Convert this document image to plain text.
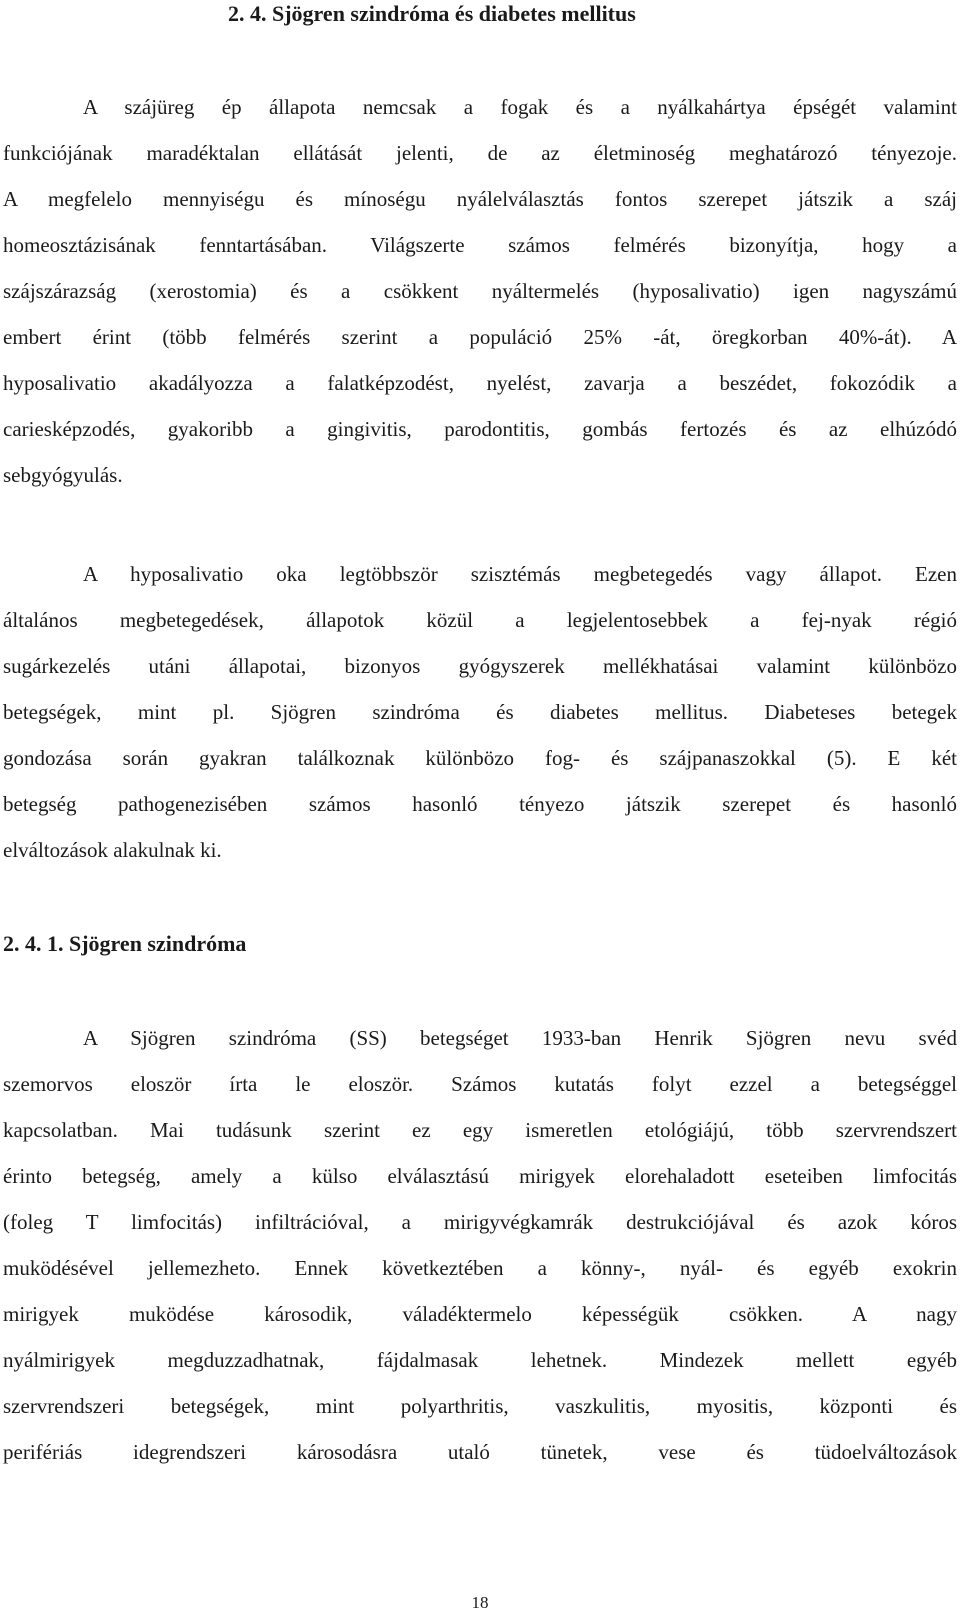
2. 4. Sjögren szindróma és diabetes mellitus
A szájüreg ép állapota nemcsak a fogak és a nyálkahártya épségét valamint
funkciójának maradéktalan ellátását jelenti, de az életminoség meghatározó tényezoje.
A megfelelo mennyiségu és mínoségu nyálelválasztás fontos szerepet játszik a száj
homeosztázisának fenntartásában. Világszerte számos felmérés bizonyítja, hogy a
szájszárazság (xerostomia) és a csökkent nyáltermelés (hyposalivatio) igen nagyszámú
embert érint (több felmérés szerint a populáció 25% -át, öregkorban 40%-át). A
hyposalivatio akadályozza a falatképzodést, nyelést, zavarja a beszédet, fokozódik a
cariesképzodés, gyakoribb a gingivitis, parodontitis, gombás fertozés és az elhúzódó
sebgyógyulás.
A hyposalivatio oka legtöbbször szisztémás megbetegedés vagy állapot. Ezen
általános megbetegedések, állapotok közül a legjelentosebbek a fej-nyak régió
sugárkezelés utáni állapotai, bizonyos gyógyszerek mellékhatásai valamint különbözo
betegségek, mint pl. Sjögren szindróma és diabetes mellitus. Diabeteses betegek
gondozása során gyakran találkoznak különbözo fog- és szájpanaszokkal (5). E két
betegség pathogenezisében számos hasonló tényezo játszik szerepet és hasonló
elváltozások alakulnak ki.
2. 4. 1. Sjögren szindróma
A Sjögren szindróma (SS) betegséget 1933-ban Henrik Sjögren nevu svéd
szemorvos eloször írta le eloször. Számos kutatás folyt ezzel a betegséggel
kapcsolatban. Mai tudásunk szerint ez egy ismeretlen etológiájú, több szervrendszert
érinto betegség, amely a külso elválasztású mirigyek elorehaladott eseteiben limfocitás
(foleg T limfocitás) infiltrációval, a mirigyvégkamrák destrukciójával és azok kóros
muködésével jellemezheto. Ennek következtében a könny-, nyál- és egyéb exokrin
mirigyek muködése károsodik, váladéktermelo képességük csökken. A nagy
nyálmirigyek megduzzadhatnak, fájdalmasak lehetnek. Mindezek mellett egyéb
szervrendszeri betegségek, mint polyarthritis, vaszkulitis, myositis, központi és
perifériás idegrendszeri károsodásra utaló tünetek, vese és tüdoelváltozások
18
